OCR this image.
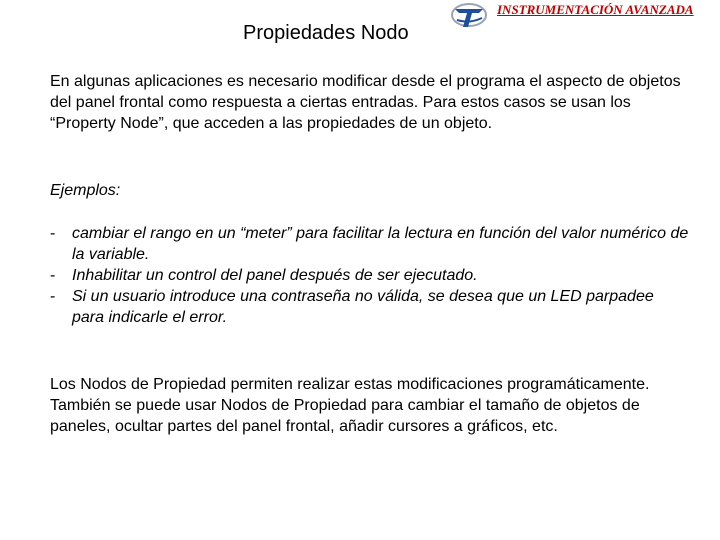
Propiedades Nodo
INSTRUMENTACIÓN AVANZADA

En algunas aplicaciones es necesario modificar desde el programa el aspecto de objetos del panel frontal como respuesta a ciertas entradas. Para estos casos se usan los “Property Node”, que acceden a las propiedades de un objeto.

Ejemplos:
- cambiar el rango en un “meter” para facilitar la lectura en función del valor numérico de la variable.
- Inhabilitar un control del panel después de ser ejecutado.
- Si un usuario introduce una contraseña no válida, se desea que un LED parpadee para indicarle el error.

Los Nodos de Propiedad permiten realizar estas modificaciones programáticamente. También se puede usar Nodos de Propiedad para cambiar el tamaño de objetos de paneles, ocultar partes del panel frontal, añadir cursores a gráficos, etc.
